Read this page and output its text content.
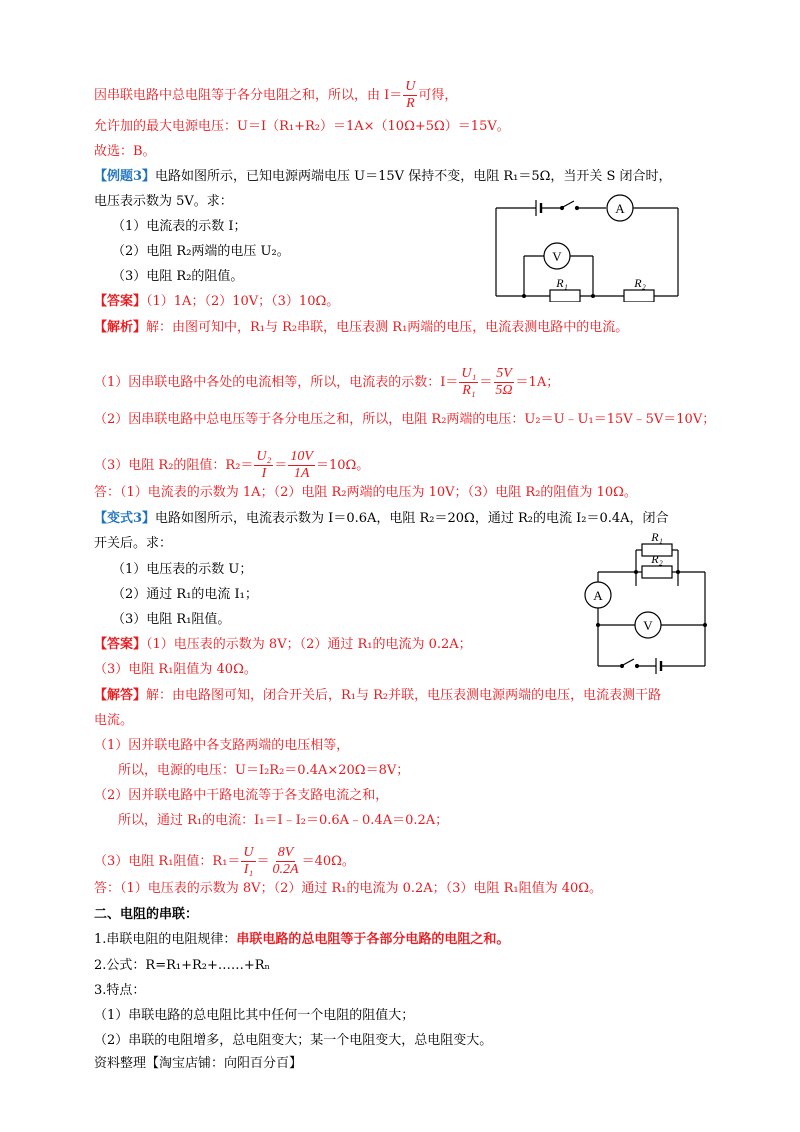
因串联电路中总电阻等于各分电阻之和，所以，由 $I= \frac{U}{R}$ 可得，
允许加的最大电源电压：U＝I（R₁+R₂）＝1A×（10Ω+5Ω）＝15V。
故选：B。
【例题3】电路如图所示，已知电源两端电压 U＝15V 保持不变，电阻 R₁＝5Ω，当开关 S 闭合时，
电压表示数为 5V。求：
（1）电流表的示数 I；
（2）电阻 R₂两端的电压 U₂。
（3）电阻 R₂的阻值。
【答案】（1）1A；（2）10V；（3）10Ω。
【解析】解：由图可知中，R₁与 R₂串联，电压表测 R₁两端的电压，电流表测电路中的电流。
A
V
R₁	R₂
（1）因串联电路中各处的电流相等，所以，电流表的示数：$I= \frac{\text{U₁}}{\text{R₁}} = \frac{5V}{5\Omega} =1A$；
（2）因串联电路中总电压等于各分电压之和，所以，电阻 R₂两端的电压：U₂＝U﹣U₁＝15V﹣5V＝10V；
（3）电阻 R₂的阻值：$R_2= \frac{\text{U₂}}{I} = \frac{10V}{1A} =10\Omega$。
答：（1）电流表的示数为 1A；（2）电阻 R₂两端的电压为 10V；（3）电阻 R₂的阻值为 10Ω。
【变式3】电路如图所示，电流表示数为 I＝0.6A，电阻 R₂＝20Ω，通过 R₂的电流 I₂＝0.4A，闭合
开关后。求：
（1）电压表的示数 U；
（2）通过 R₁的电流 I₁；
（3）电阻 R₁阻值。
【答案】（1）电压表的示数为 8V；（2）通过 R₁的电流为 0.2A；
（3）电阻 R₁阻值为 40Ω。
【解答】解：由电路图可知，闭合开关后，R₁与 R₂并联，电压表测电源两端的电压，电流表测干路
电流。
R₁
R₂
A
V
（1）因并联电路中各支路两端的电压相等，
所以，电源的电压：U＝I₂R₂＝0.4A×20Ω＝8V；
（2）因并联电路中干路电流等于各支路电流之和，
所以，通过 R₁的电流：I₁＝I﹣I₂＝0.6A﹣0.4A＝0.2A；
（3）电阻 R₁阻值：$R_1= \frac{U}{\text{I₁}} = \frac{8V}{0.2A} =40\Omega$。
答：（1）电压表的示数为 8V；（2）通过 R₁的电流为 0.2A；（3）电阻 R₁阻值为 40Ω。
二、电阻的串联：
1.串联电阻的电阻规律：串联电路的总电阻等于各部分电路的电阻之和。
2.公式：R=R₁+R₂+……+Rₙ
3.特点：
（1）串联电路的总电阻比其中任何一个电阻的阻值大；
（2）串联的电阻增多，总电阻变大；某一个电阻变大，总电阻变大。
资料整理【淘宝店铺：向阳百分百】
